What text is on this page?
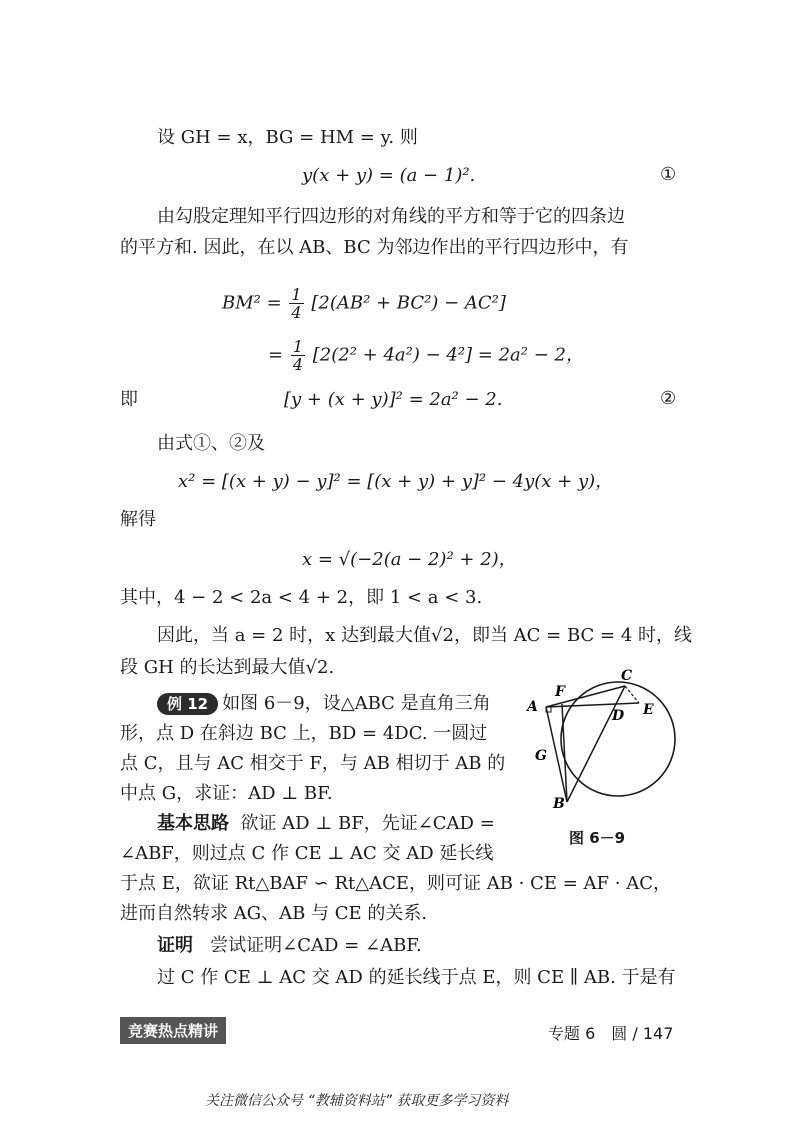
设 GH = x，BG = HM = y. 则
y(x + y) = (a − 1)².	①
由勾股定理知平行四边形的对角线的平方和等于它的四条边
的平方和. 因此，在以 AB、BC 为邻边作出的平行四边形中，有
$BM^2 = \frac{1}{4} [2(AB^2 + BC^2) - AC^2]$
= $\frac{1}{4} [2(2^2 + 4a^2) - 4^2] = 2a^2 - 2$，
即	[y + (x + y)]² = 2a² − 2.	②
由式①、②及
x² = [(x + y) − y]² = [(x + y) + y]² − 4y(x + y)，
解得
x = √(−2(a − 2)² + 2)，
其中，4 − 2 < 2a < 4 + 2，即 1 < a < 3.
因此，当 a = 2 时，x 达到最大值√2，即当 AC = BC = 4 时，线
段 GH 的长达到最大值√2.
例 12 如图 6－9，设△ABC 是直角三角
形，点 D 在斜边 BC 上，BD = 4DC. 一圆过
点 C，且与 AC 相交于 F，与 AB 相切于 AB 的
中点 G，求证：AD ⊥ BF.
基本思路 欲证 AD ⊥ BF，先证∠CAD =
∠ABF，则过点 C 作 CE ⊥ AC 交 AD 延长线
于点 E，欲证 Rt△BAF ∽ Rt△ACE，则可证 AB · CE = AF · AC，
进而自然转求 AG、AB 与 CE 的关系.
证明 尝试证明∠CAD = ∠ABF.
过 C 作 CE ⊥ AC 交 AD 的延长线于点 E，则 CE ∥ AB. 于是有
A
B
C
D E
F
G
图 6－9
竞赛热点精讲	专题 6　圆 / 147
关注微信公众号 “教辅资料站” 获取更多学习资料
